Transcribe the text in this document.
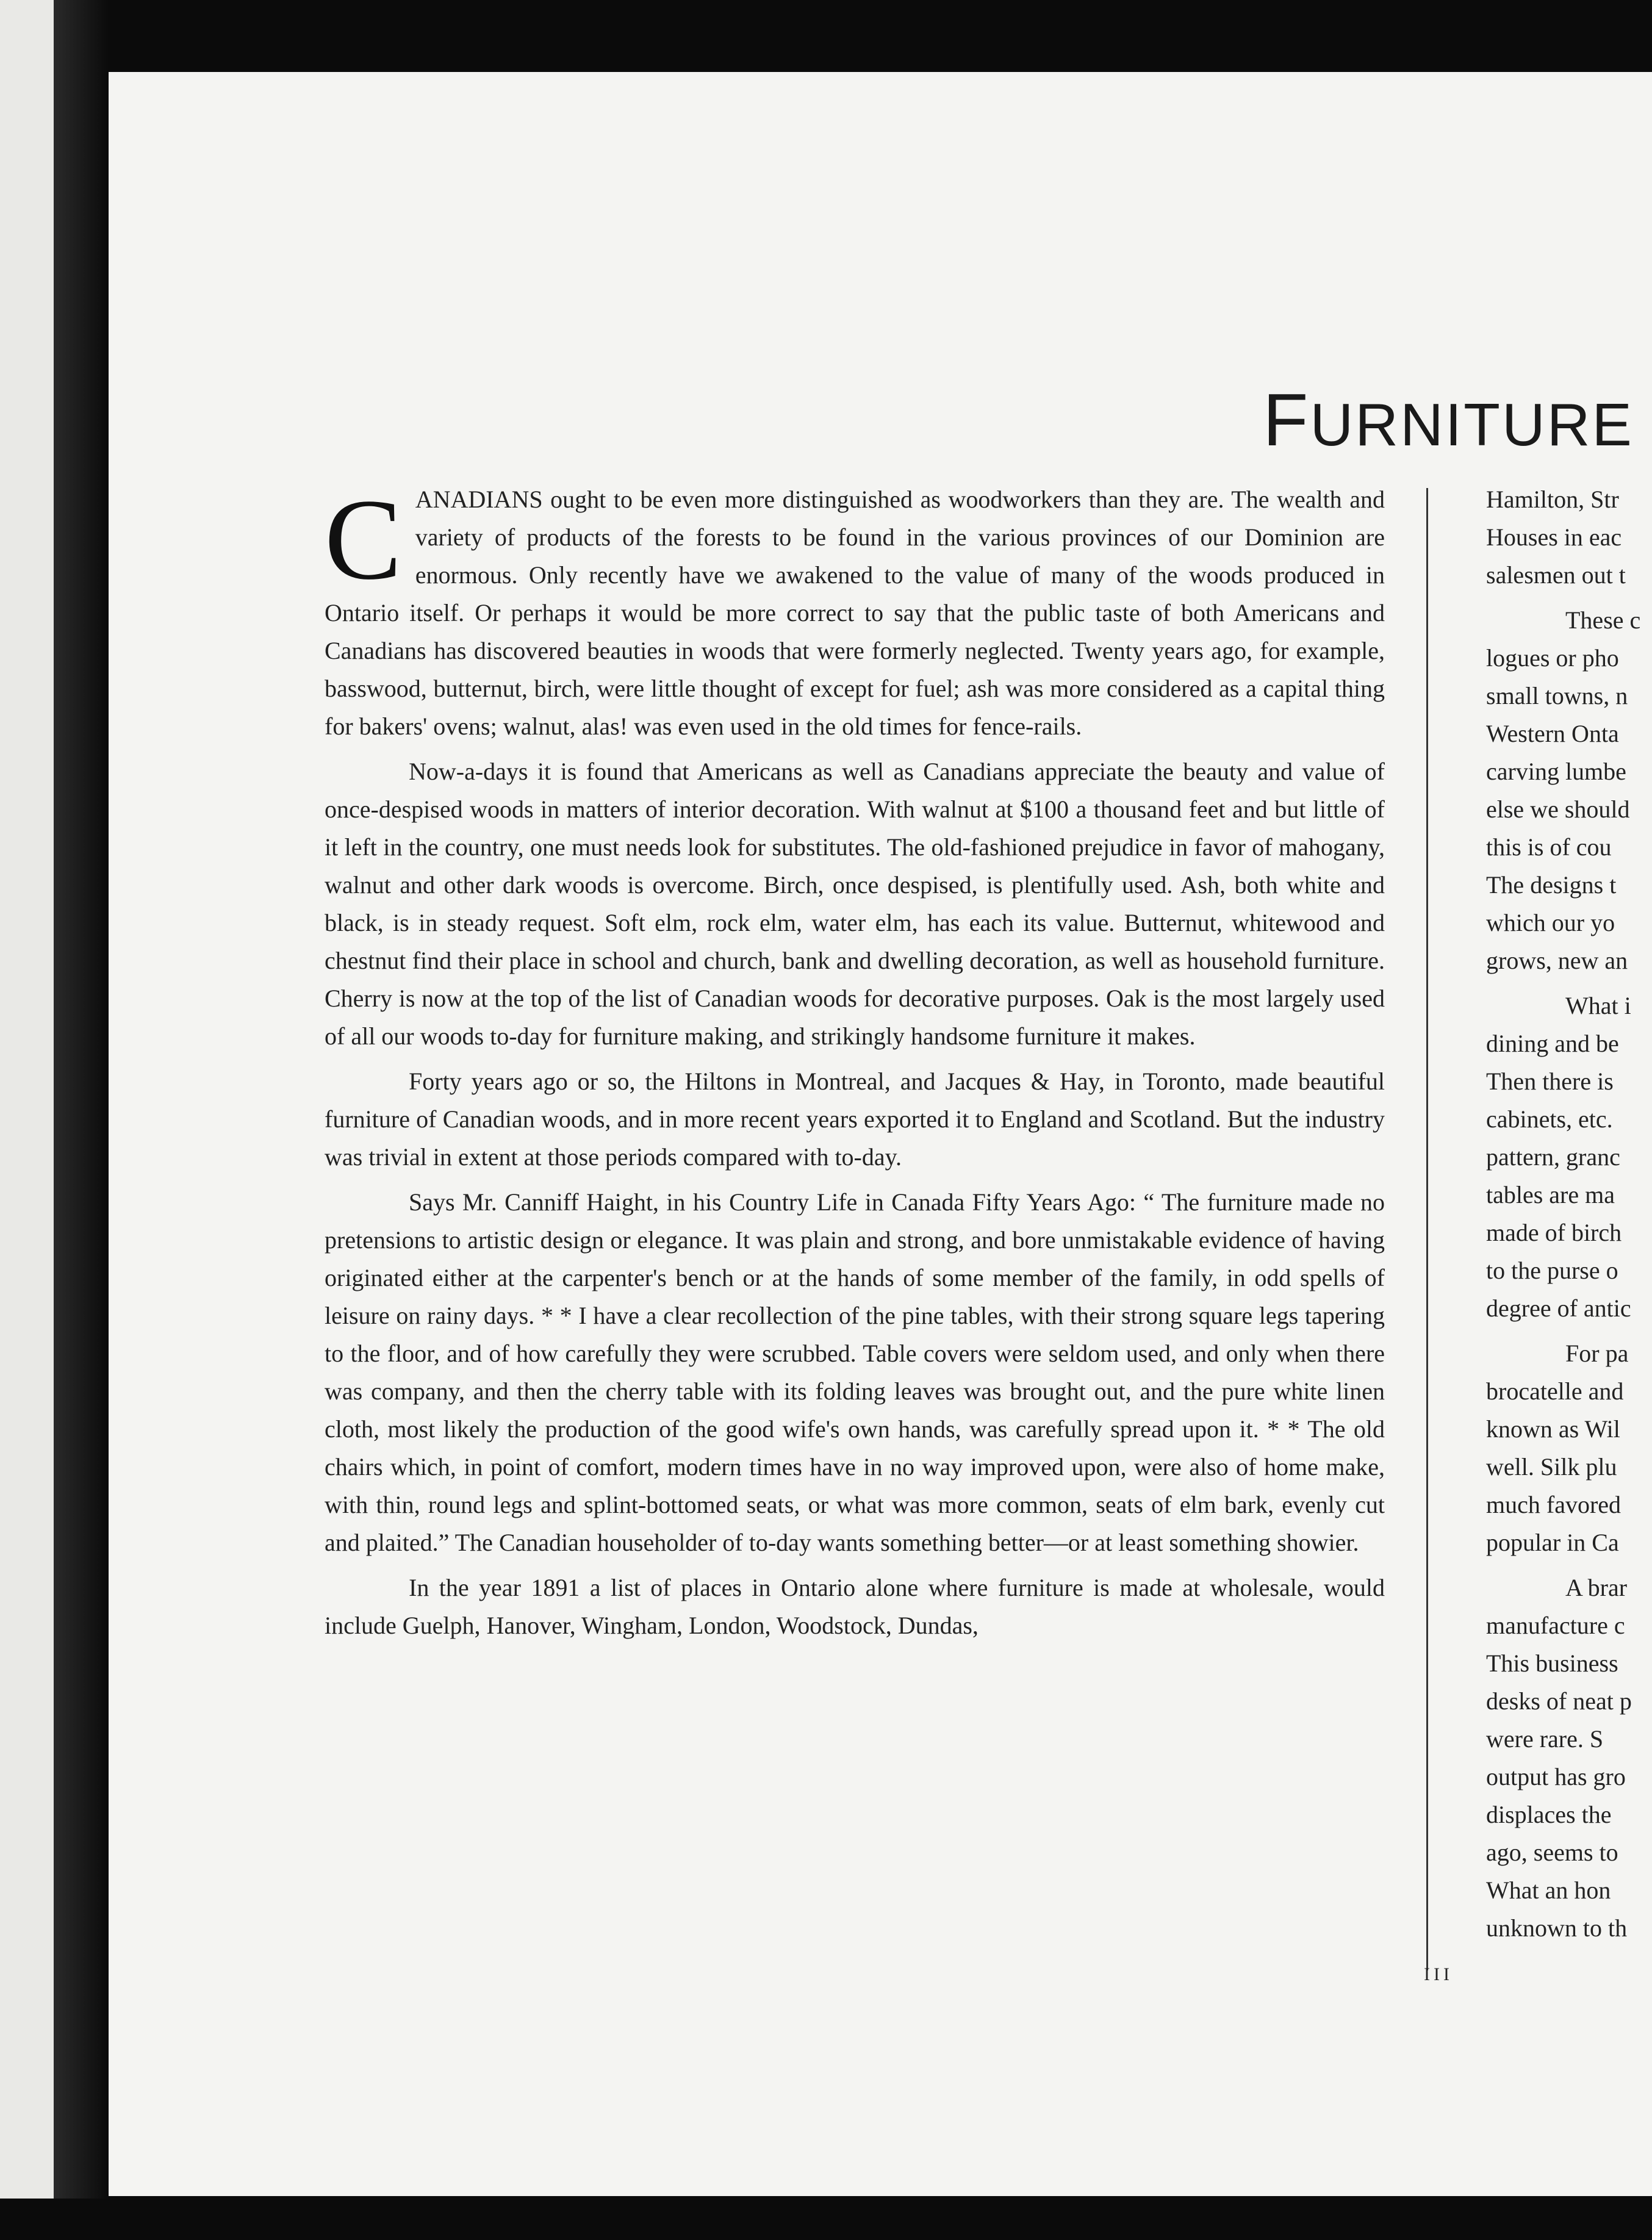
FURNITURE

CANADIANS ought to be even more distinguished as woodworkers than they are. The wealth and variety of products of the forests to be found in the various provinces of our Dominion are enormous. Only recently have we awakened to the value of many of the woods produced in Ontario itself. Or perhaps it would be more correct to say that the public taste of both Americans and Canadians has discovered beauties in woods that were formerly neglected. Twenty years ago, for example, basswood, butternut, birch, were little thought of except for fuel; ash was more considered as a capital thing for bakers' ovens; walnut, alas! was even used in the old times for fence-rails.

Now-a-days it is found that Americans as well as Canadians appreciate the beauty and value of once-despised woods in matters of interior decoration. With walnut at $100 a thousand feet and but little of it left in the country, one must needs look for substitutes. The old-fashioned prejudice in favor of mahogany, walnut and other dark woods is overcome. Birch, once despised, is plentifully used. Ash, both white and black, is in steady request. Soft elm, rock elm, water elm, has each its value. Butternut, whitewood and chestnut find their place in school and church, bank and dwelling decoration, as well as household furniture. Cherry is now at the top of the list of Canadian woods for decorative purposes. Oak is the most largely used of all our woods to-day for furniture making, and strikingly handsome furniture it makes.

Forty years ago or so, the Hiltons in Montreal, and Jacques & Hay, in Toronto, made beautiful furniture of Canadian woods, and in more recent years exported it to England and Scotland. But the industry was trivial in extent at those periods compared with to-day.

Says Mr. Canniff Haight, in his Country Life in Canada Fifty Years Ago: “ The furniture made no pretensions to artistic design or elegance. It was plain and strong, and bore unmistakable evidence of having originated either at the carpenter's bench or at the hands of some member of the family, in odd spells of leisure on rainy days. * * I have a clear recollection of the pine tables, with their strong square legs tapering to the floor, and of how carefully they were scrubbed. Table covers were seldom used, and only when there was company, and then the cherry table with its folding leaves was brought out, and the pure white linen cloth, most likely the production of the good wife's own hands, was carefully spread upon it. * * The old chairs which, in point of comfort, modern times have in no way improved upon, were also of home make, with thin, round legs and splint-bottomed seats, or what was more common, seats of elm bark, evenly cut and plaited.” The Canadian householder of to-day wants something better—or at least something showier.

In the year 1891 a list of places in Ontario alone where furniture is made at wholesale, would include Guelph, Hanover, Wingham, London, Woodstock, Dundas,

Hamilton, Str
Houses in eac
salesmen out t
These c
logues or pho
small towns, n
Western Onta
carving lumbe
else we should
this is of cou
The designs t
which our yo
grows, new an
What i
dining and be
Then there is
cabinets, etc.
pattern, granc
tables are ma
made of birch
to the purse o
degree of antic
For pa
brocatelle and
known as Wil
well. Silk plu
much favored
popular in Ca
A brar
manufacture c
This business
desks of neat p
were rare. S
output has gro
displaces the
ago, seems to
What an hon
unknown to th
III
